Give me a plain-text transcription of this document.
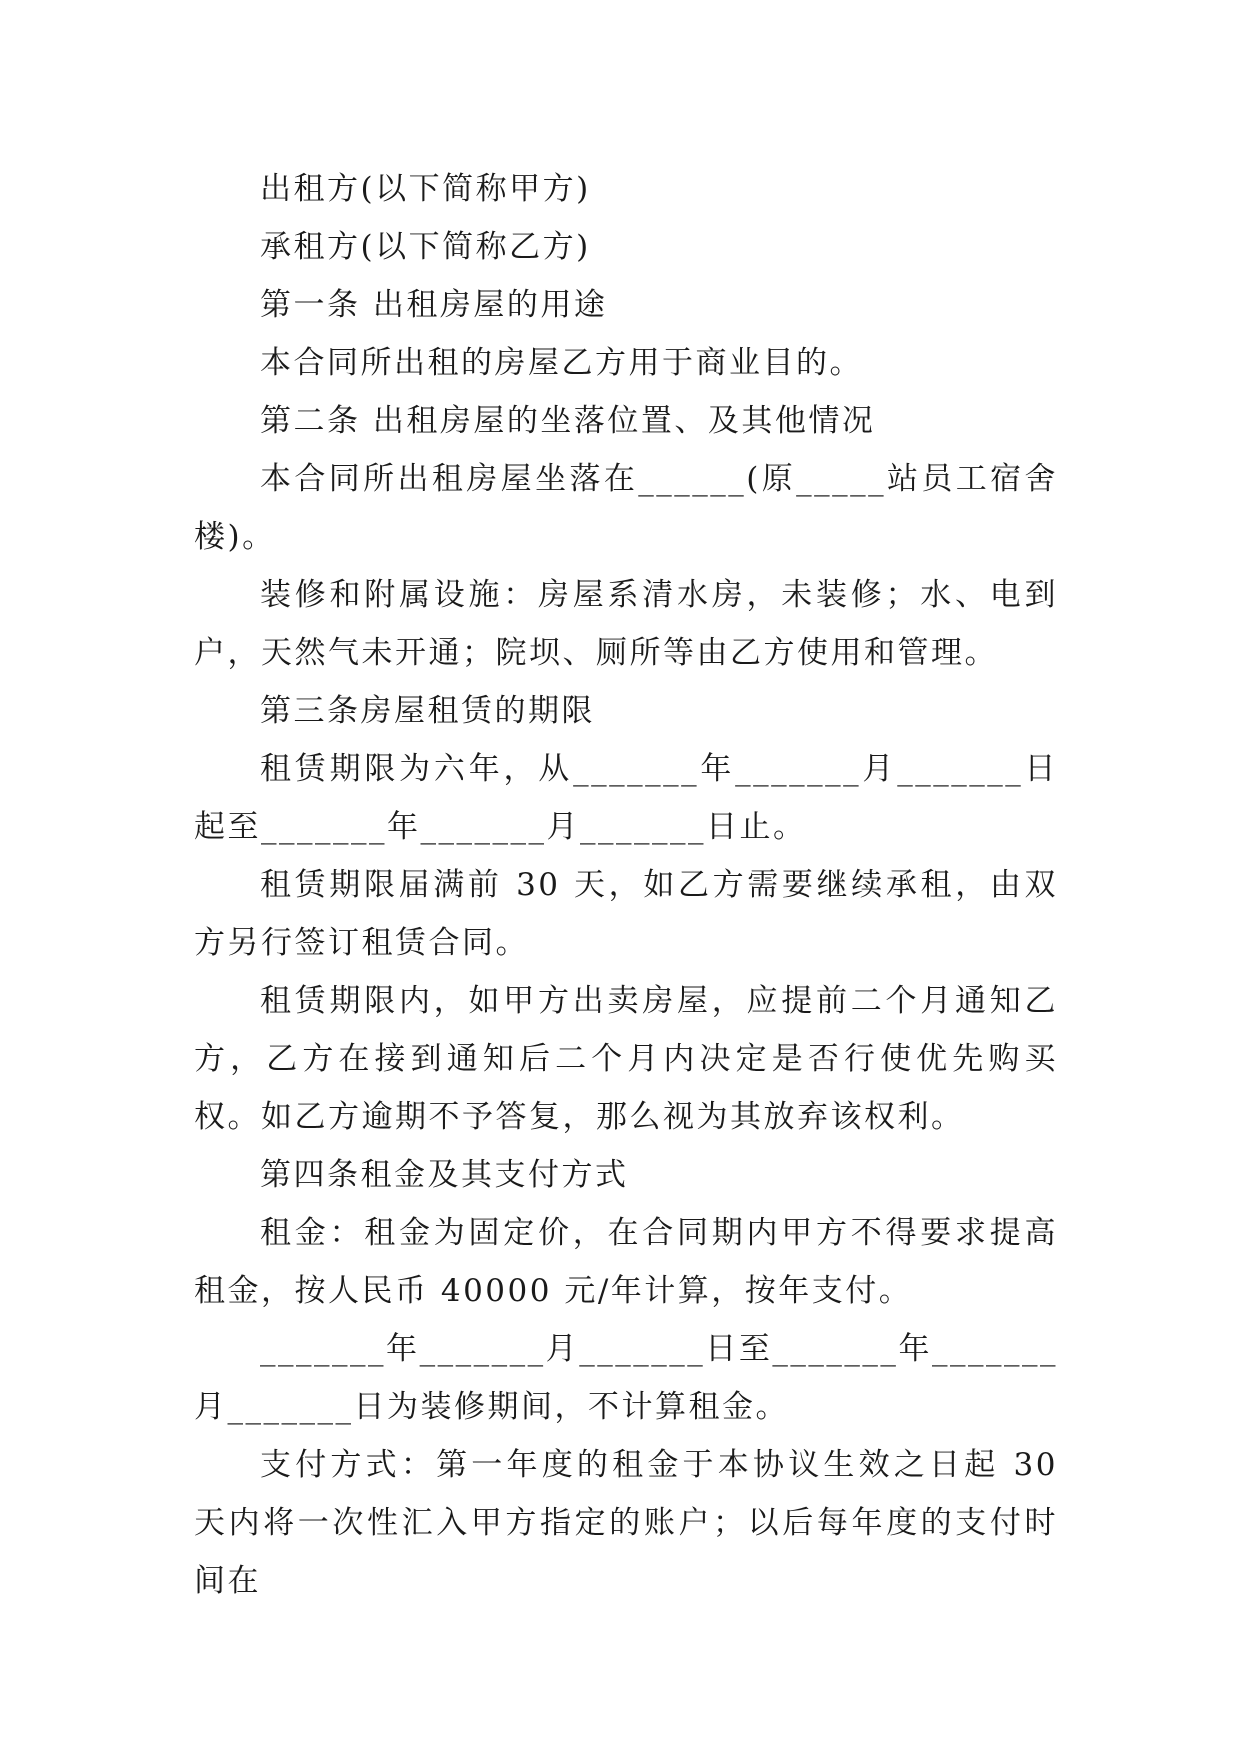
出租方(以下简称甲方)

承租方(以下简称乙方)

第一条 出租房屋的用途

本合同所出租的房屋乙方用于商业目的。

第二条 出租房屋的坐落位置、及其他情况

本合同所出租房屋坐落在______(原_____站员工宿舍楼)。

装修和附属设施：房屋系清水房，未装修；水、电到户，天然气未开通；院坝、厕所等由乙方使用和管理。

第三条房屋租赁的期限

租赁期限为六年，从_______年_______月_______日起至_______年_______月_______日止。

租赁期限届满前 30 天，如乙方需要继续承租，由双方另行签订租赁合同。

租赁期限内，如甲方出卖房屋，应提前二个月通知乙方，乙方在接到通知后二个月内决定是否行使优先购买权。如乙方逾期不予答复，那么视为其放弃该权利。

第四条租金及其支付方式

租金：租金为固定价，在合同期内甲方不得要求提高租金，按人民币 40000 元/年计算，按年支付。

_______年_______月_______日至_______年_______月_______日为装修期间，不计算租金。

支付方式：第一年度的租金于本协议生效之日起 30 天内将一次性汇入甲方指定的账户；以后每年度的支付时间在
